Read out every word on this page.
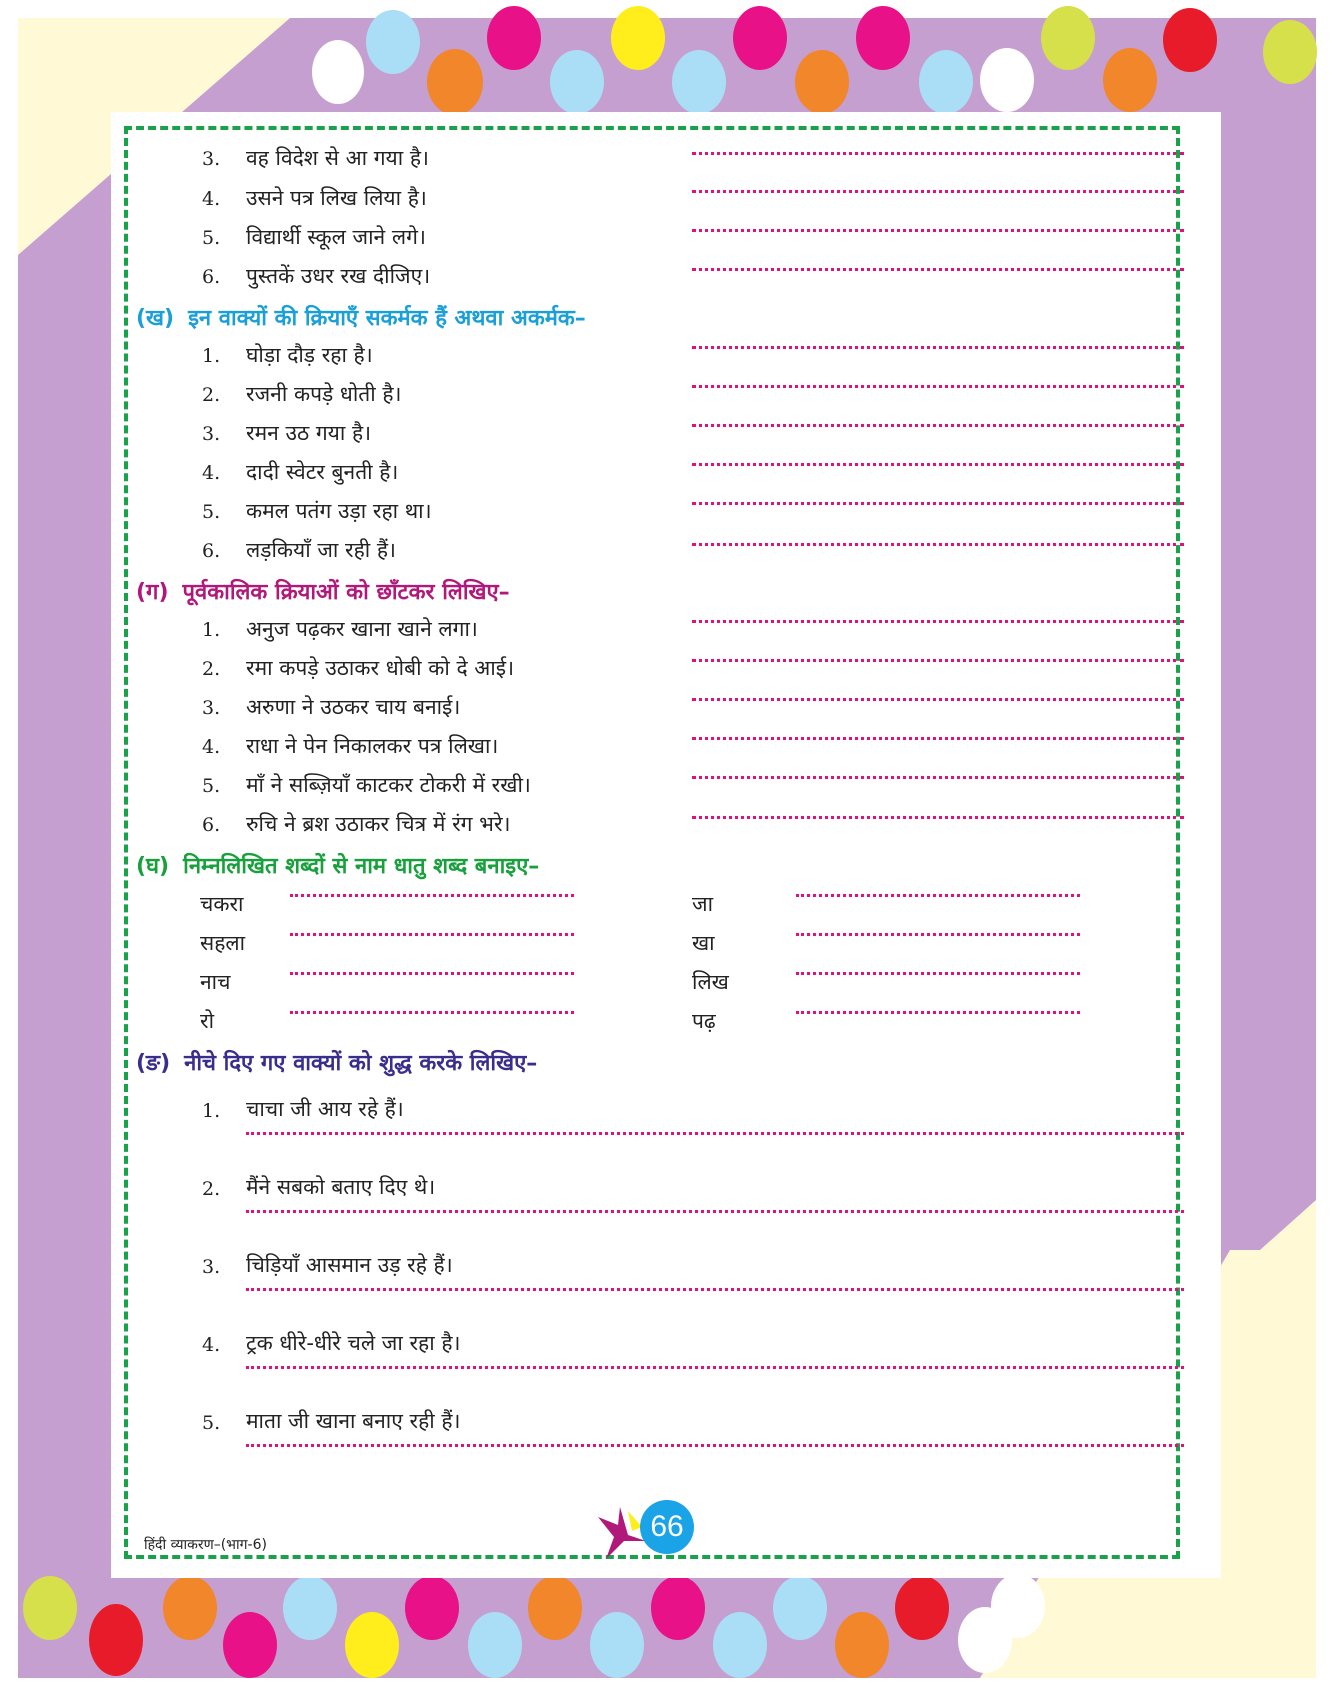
3. वह विदेश से आ गया है।
4. उसने पत्र लिख लिया है।
5. विद्यार्थी स्कूल जाने लगे।
6. पुस्तकें उधर रख दीजिए।
(ख) इन वाक्यों की क्रियाएँ सकर्मक हैं अथवा अकर्मक–
1. घोड़ा दौड़ रहा है।
2. रजनी कपड़े धोती है।
3. रमन उठ गया है।
4. दादी स्वेटर बुनती है।
5. कमल पतंग उड़ा रहा था।
6. लड़कियाँ जा रही हैं।
(ग) पूर्वकालिक क्रियाओं को छाँटकर लिखिए–
1. अनुज पढ़कर खाना खाने लगा।
2. रमा कपड़े उठाकर धोबी को दे आई।
3. अरुणा ने उठकर चाय बनाई।
4. राधा ने पेन निकालकर पत्र लिखा।
5. माँ ने सब्ज़ियाँ काटकर टोकरी में रखी।
6. रुचि ने ब्रश उठाकर चित्र में रंग भरे।
(घ) निम्नलिखित शब्दों से नाम धातु शब्द बनाइए–
चकरा	जा
सहला	खा
नाच	लिख
रो	पढ़
(ङ) नीचे दिए गए वाक्यों को शुद्ध करके लिखिए–
1. चाचा जी आय रहे हैं।
2. मैंने सबको बताए दिए थे।
3. चिड़ियाँ आसमान उड़ रहे हैं।
4. ट्रक धीरे-धीरे चले जा रहा है।
5. माता जी खाना बनाए रही हैं।
हिंदी व्याकरण–(भाग-6)
66
